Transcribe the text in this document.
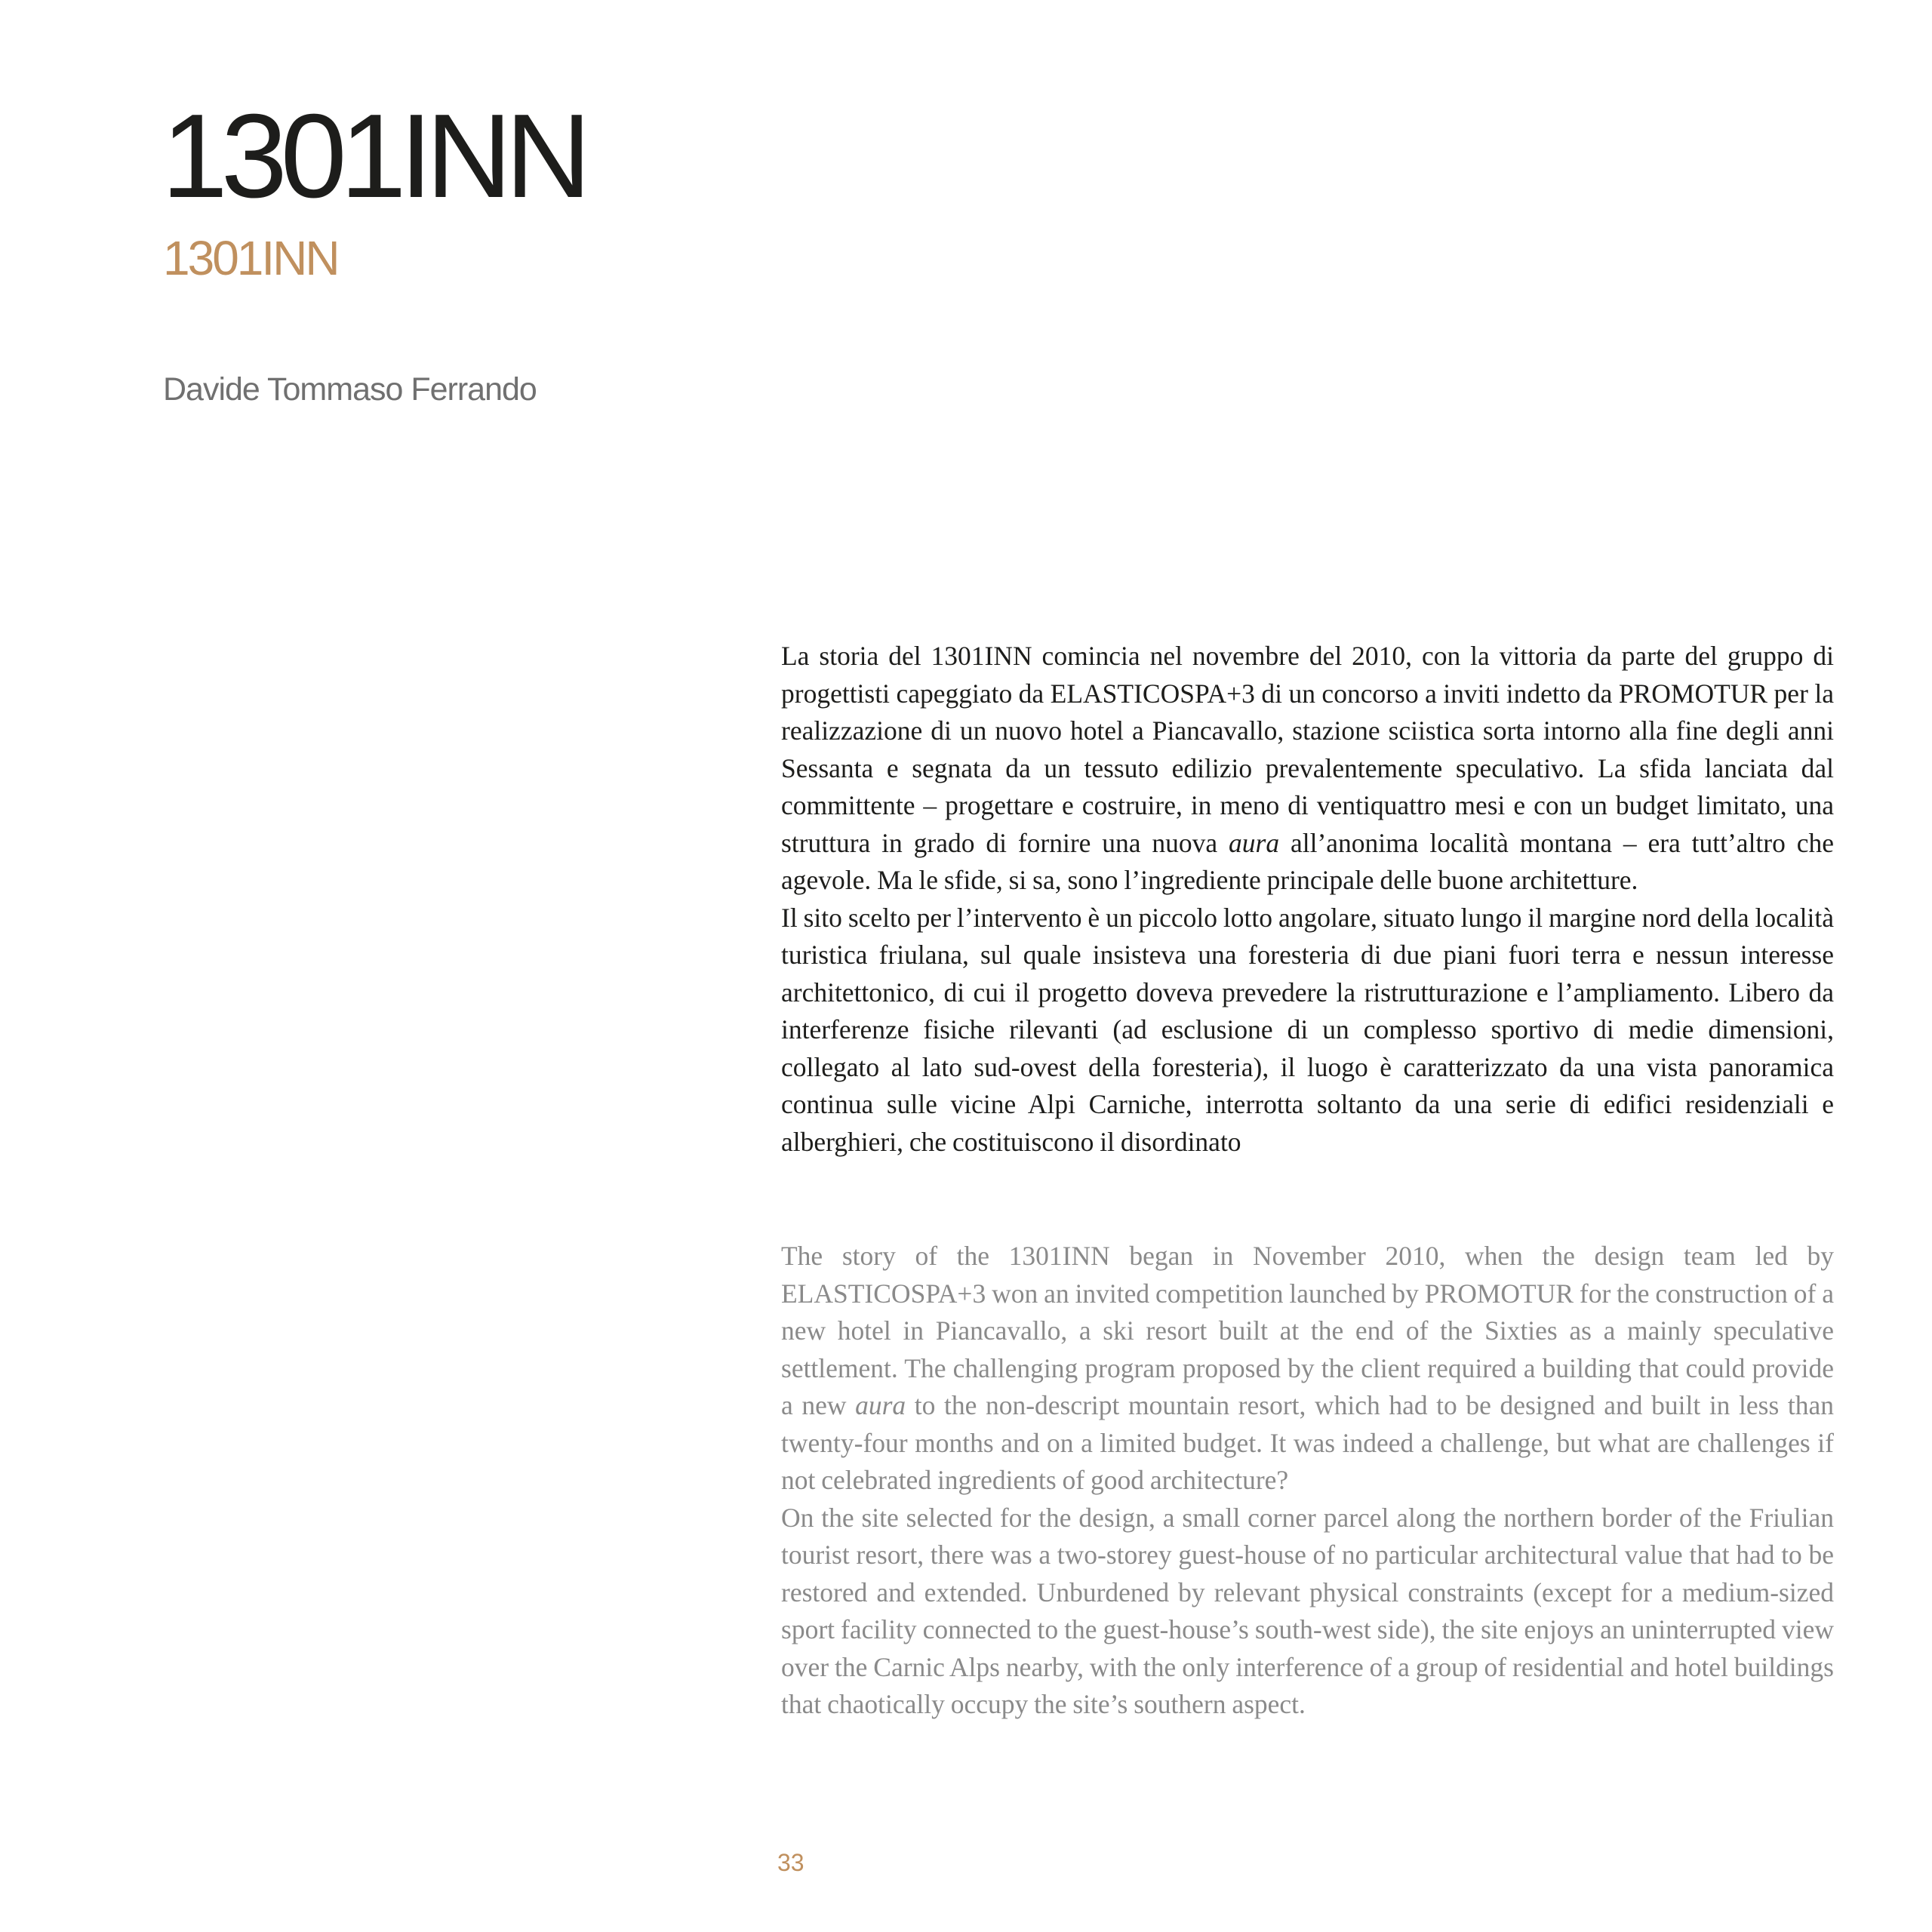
1301INN
1301INN
Davide Tommaso Ferrando

La storia del 1301INN comincia nel novembre del 2010, con la vittoria da parte del gruppo di progettisti capeggiato da ELASTICOSPA+3 di un concorso a inviti indetto da PROMOTUR per la realizzazione di un nuovo hotel a Piancavallo, stazione sciistica sorta intorno alla fine degli anni Sessanta e segnata da un tessuto edilizio prevalentemente speculativo. La sfida lanciata dal committente – progettare e costruire, in meno di ventiquattro mesi e con un budget limitato, una struttura in grado di fornire una nuova aura all’anonima località montana – era tutt’altro che agevole. Ma le sfide, si sa, sono l’ingrediente principale delle buone architetture.

Il sito scelto per l’intervento è un piccolo lotto angolare, situato lungo il margine nord della località turistica friulana, sul quale insisteva una foresteria di due piani fuori terra e nessun interesse architettonico, di cui il progetto doveva prevedere la ristrutturazione e l’ampliamento. Libero da interferenze fisiche rilevanti (ad esclusione di un complesso sportivo di medie dimensioni, collegato al lato sud-ovest della foresteria), il luogo è caratterizzato da una vista panoramica continua sulle vicine Alpi Carniche, interrotta soltanto da una serie di edifici residenziali e alberghieri, che costituiscono il disordinato

The story of the 1301INN began in November 2010, when the design team led by ELASTICOSPA+3 won an invited competition launched by PROMOTUR for the construction of a new hotel in Piancavallo, a ski resort built at the end of the Sixties as a mainly speculative settlement. The challenging program proposed by the client required a building that could provide a new aura to the non-descript mountain resort, which had to be designed and built in less than twenty-four months and on a limited budget. It was indeed a challenge, but what are challenges if not celebrated ingredients of good architecture?

On the site selected for the design, a small corner parcel along the northern border of the Friulian tourist resort, there was a two-storey guest-house of no particular architectural value that had to be restored and extended. Unburdened by relevant physical constraints (except for a medium-sized sport facility connected to the guest-house’s south-west side), the site enjoys an uninterrupted view over the Carnic Alps nearby, with the only interference of a group of residential and hotel buildings that chaotically occupy the site’s southern aspect.

33
